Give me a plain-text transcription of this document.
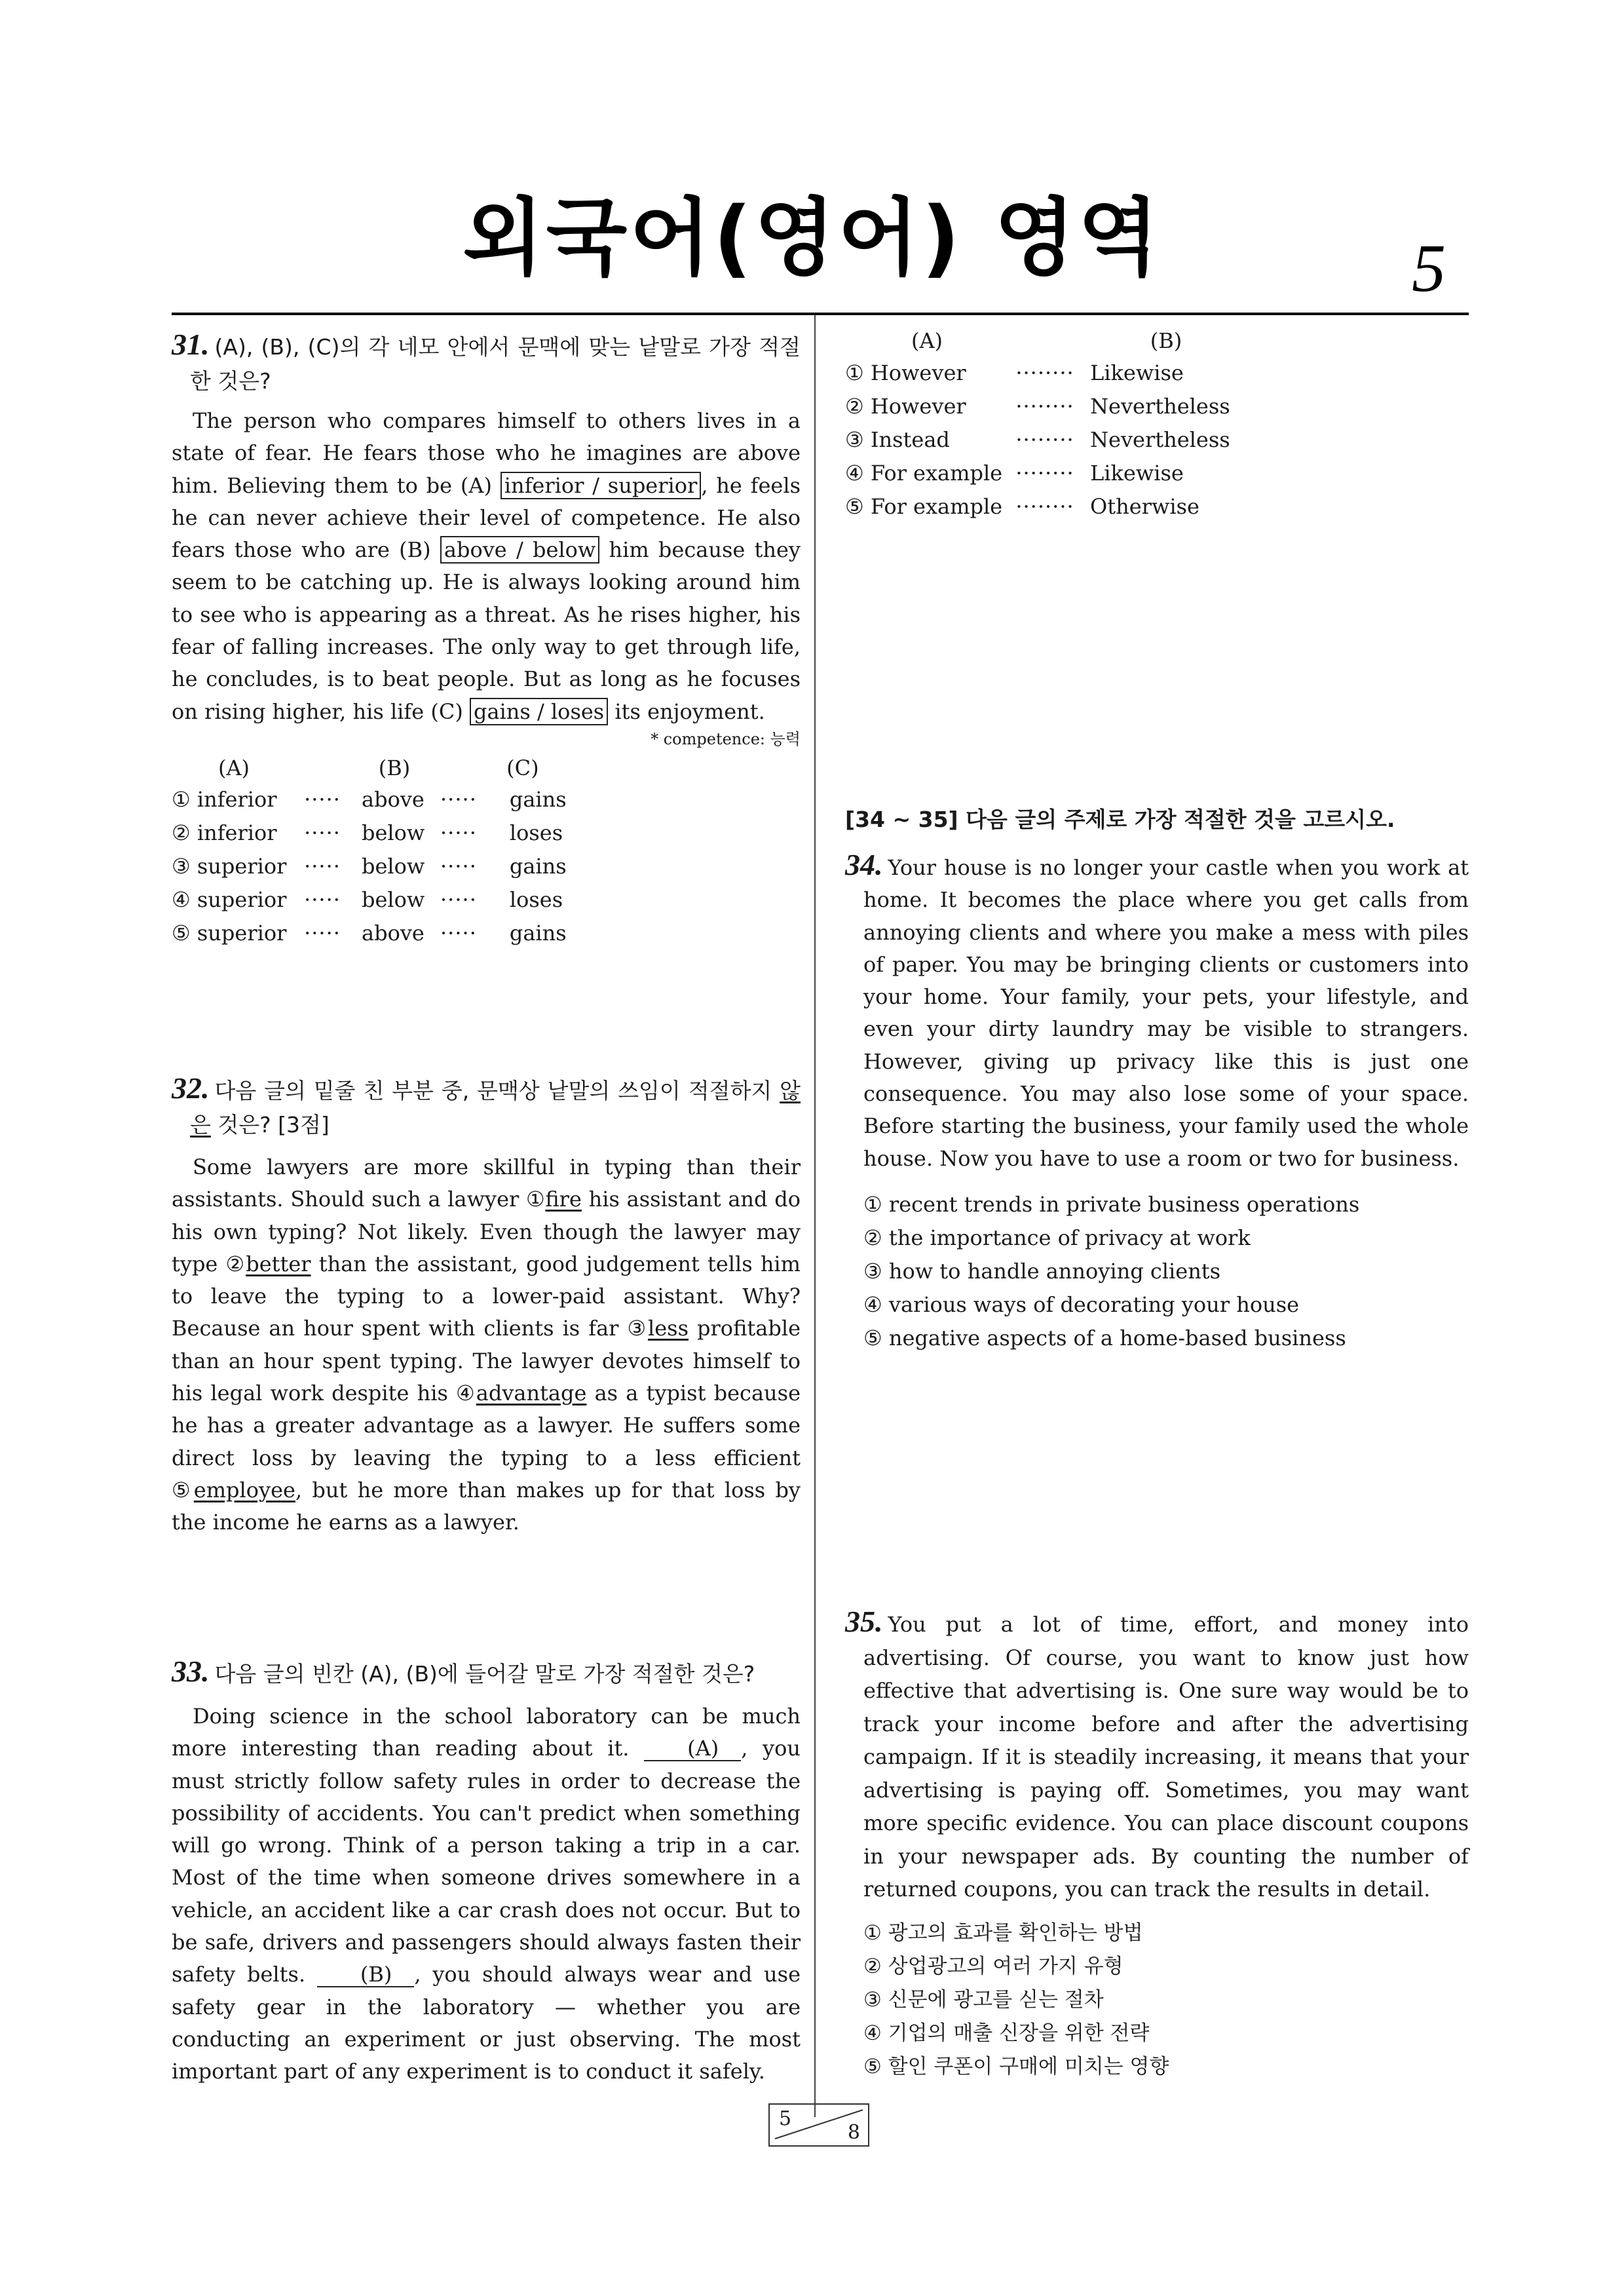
외국어(영어) 영역	5
31. (A), (B), (C)의 각 네모 안에서 문맥에 맞는 낱말로 가장 적절한 것은?
The person who compares himself to others lives in a state of fear. He fears those who he imagines are above him. Believing them to be (A) inferior / superior , he feels he can never achieve their level of competence. He also fears those who are (B) above / below him because they seem to be catching up. He is always looking around him to see who is appearing as a threat. As he rises higher, his fear of falling increases. The only way to get through life, he concludes, is to beat people. But as long as he focuses on rising higher, his life (C) gains / loses its enjoyment.
* competence: 능력
(A)		(B)		(C)
① inferior	·····	above	·····	gains
② inferior	·····	below	·····	loses
③ superior	·····	below	·····	gains
④ superior	·····	below	·····	loses
⑤ superior	·····	above	·····	gains
32. 다음 글의 밑줄 친 부분 중, 문맥상 낱말의 쓰임이 적절하지 않은 것은? [3점]
Some lawyers are more skillful in typing than their assistants. Should such a lawyer ①fire his assistant and do his own typing? Not likely. Even though the lawyer may type ②better than the assistant, good judgement tells him to leave the typing to a lower-paid assistant. Why? Because an hour spent with clients is far ③less profitable than an hour spent typing. The lawyer devotes himself to his legal work despite his ④advantage as a typist because he has a greater advantage as a lawyer. He suffers some direct loss by leaving the typing to a less efficient ⑤employee, but he more than makes up for that loss by the income he earns as a lawyer.
33. 다음 글의 빈칸 (A), (B)에 들어갈 말로 가장 적절한 것은?
Doing science in the school laboratory can be much more interesting than reading about it. (A) , you must strictly follow safety rules in order to decrease the possibility of accidents. You can't predict when something will go wrong. Think of a person taking a trip in a car. Most of the time when someone drives somewhere in a vehicle, an accident like a car crash does not occur. But to be safe, drivers and passengers should always fasten their safety belts. (B) , you should always wear and use safety gear in the laboratory — whether you are conducting an experiment or just observing. The most important part of any experiment is to conduct it safely.
(A)		(B)
① However	········	Likewise
② However	········	Nevertheless
③ Instead	········	Nevertheless
④ For example	········	Likewise
⑤ For example	········	Otherwise
[34 ~ 35] 다음 글의 주제로 가장 적절한 것을 고르시오.
34. Your house is no longer your castle when you work at home. It becomes the place where you get calls from annoying clients and where you make a mess with piles of paper. You may be bringing clients or customers into your home. Your family, your pets, your lifestyle, and even your dirty laundry may be visible to strangers. However, giving up privacy like this is just one consequence. You may also lose some of your space. Before starting the business, your family used the whole house. Now you have to use a room or two for business.
① recent trends in private business operations
② the importance of privacy at work
③ how to handle annoying clients
④ various ways of decorating your house
⑤ negative aspects of a home-based business
35. You put a lot of time, effort, and money into advertising. Of course, you want to know just how effective that advertising is. One sure way would be to track your income before and after the advertising campaign. If it is steadily increasing, it means that your advertising is paying off. Sometimes, you may want more specific evidence. You can place discount coupons in your newspaper ads. By counting the number of returned coupons, you can track the results in detail.
① 광고의 효과를 확인하는 방법
② 상업광고의 여러 가지 유형
③ 신문에 광고를 싣는 절차
④ 기업의 매출 신장을 위한 전략
⑤ 할인 쿠폰이 구매에 미치는 영향
5
8
